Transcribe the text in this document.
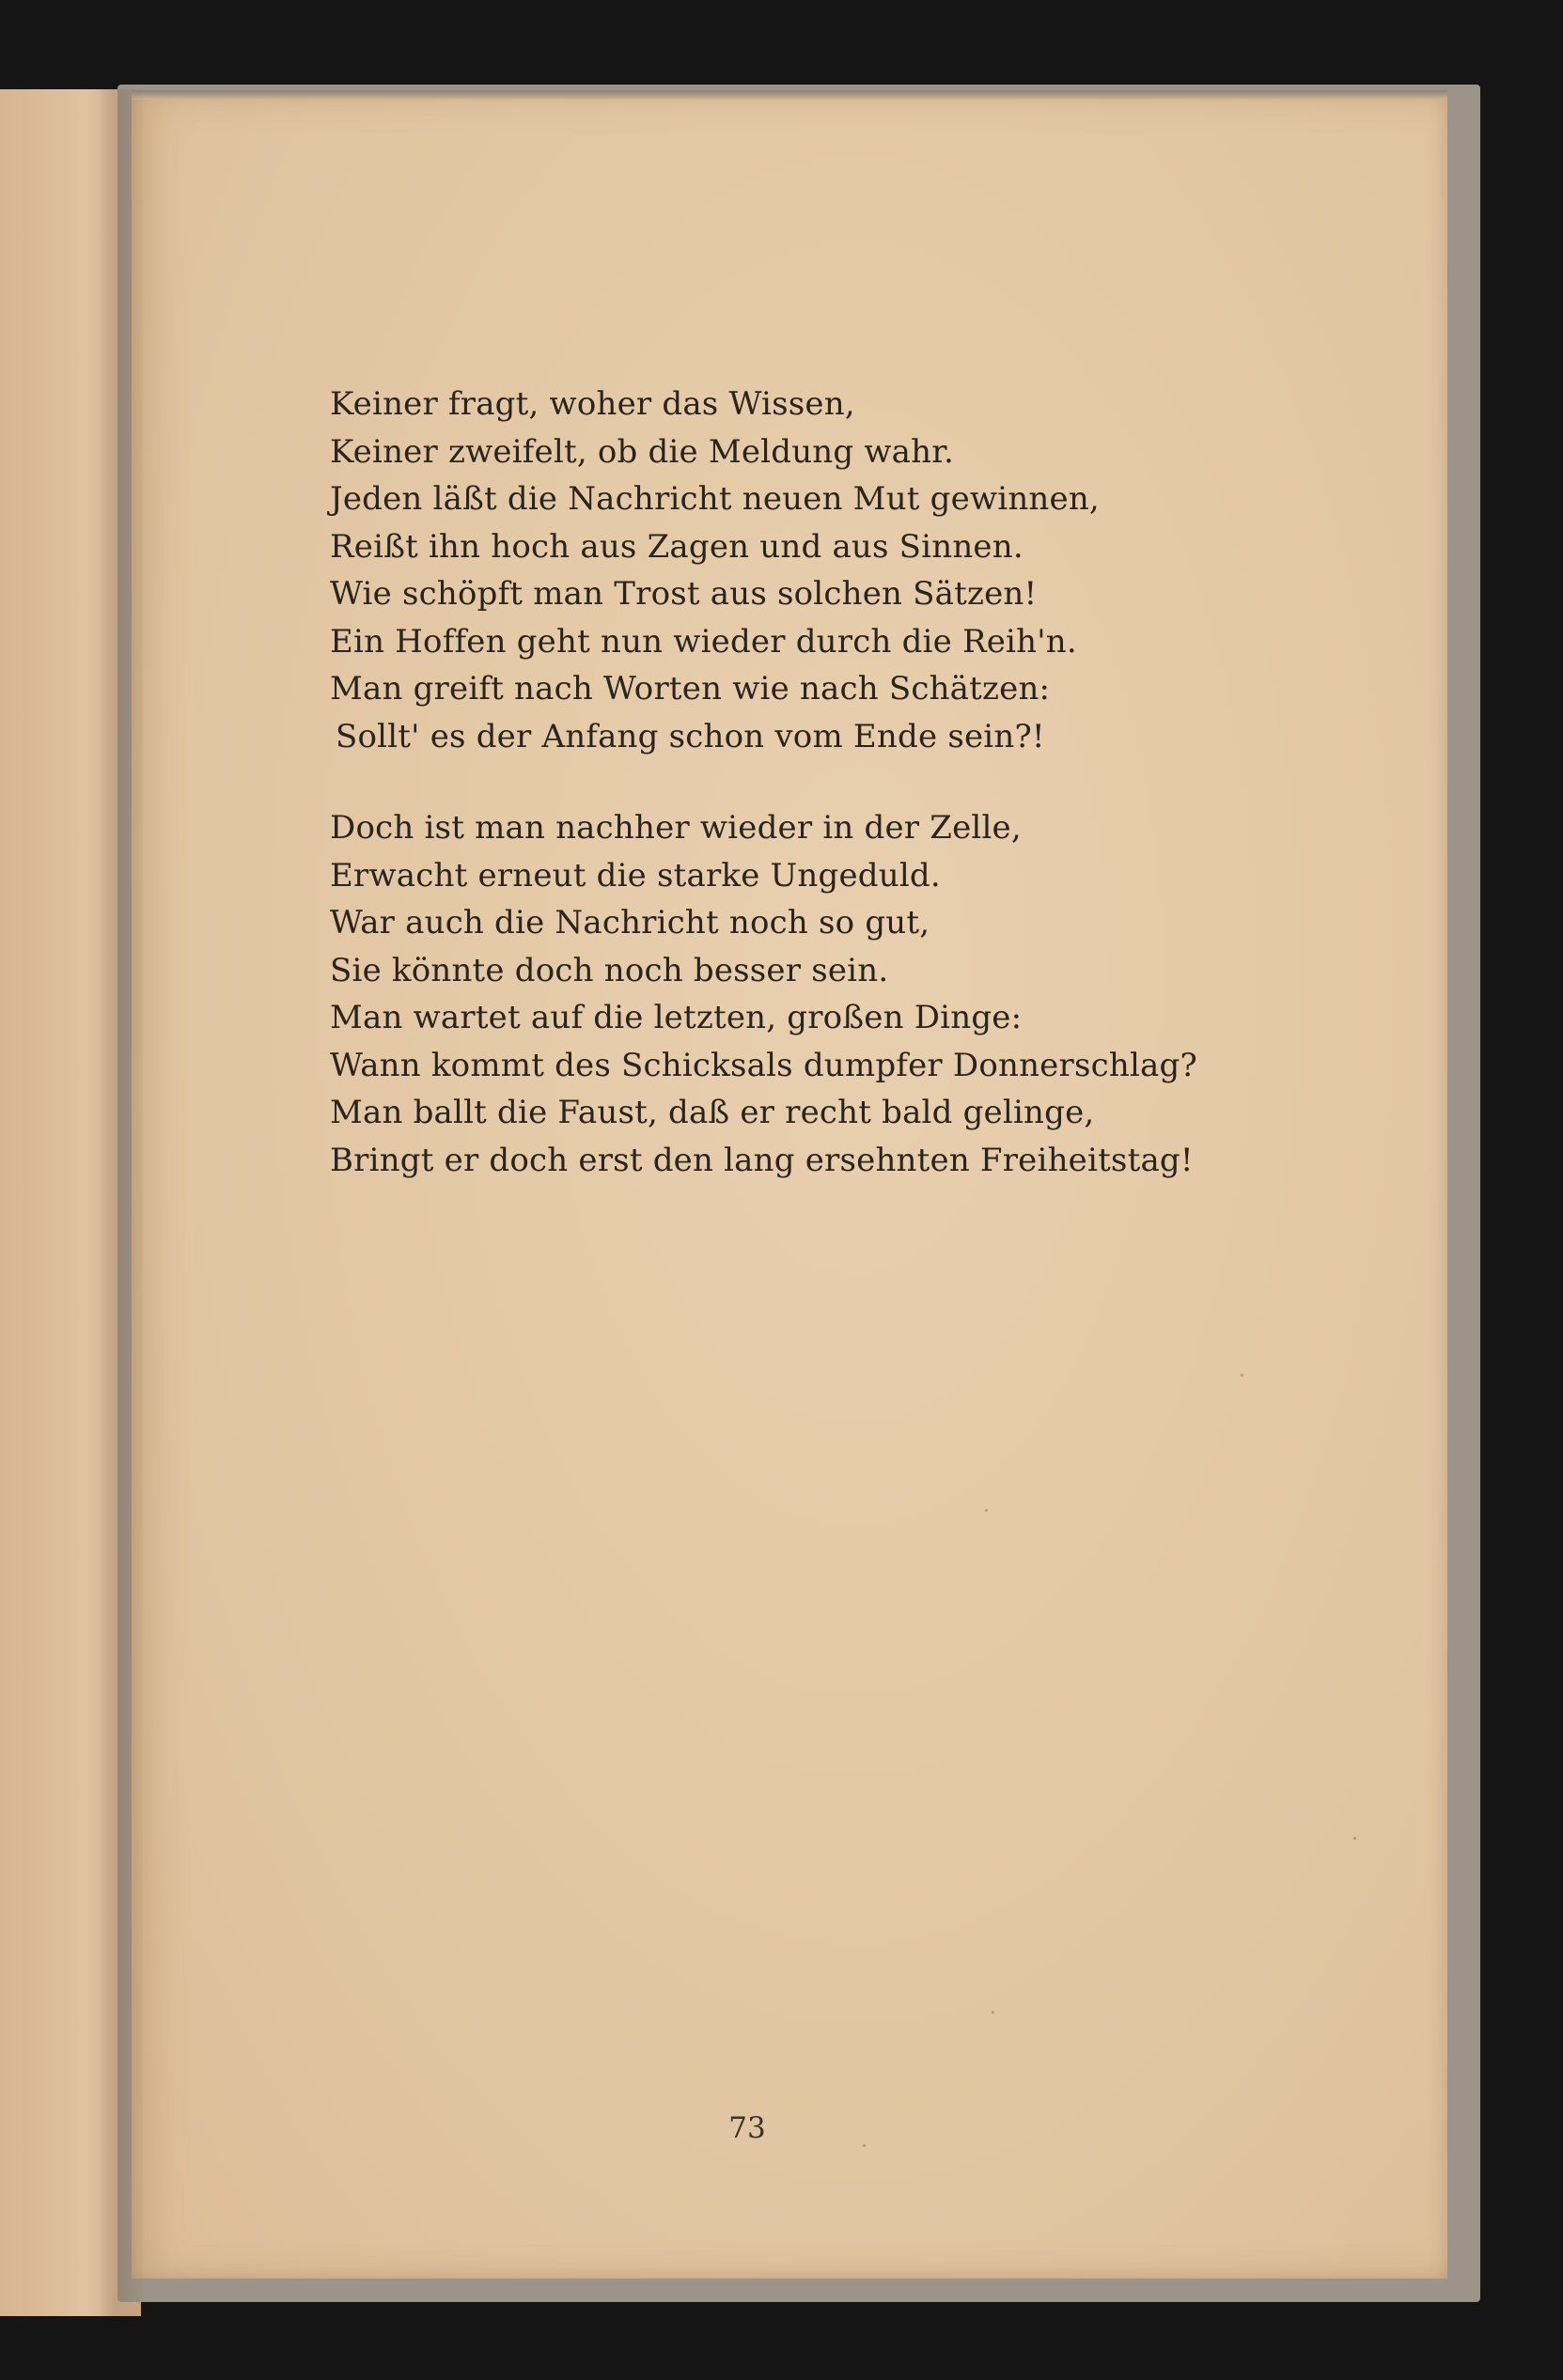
Keiner fragt, woher das Wissen,
Keiner zweifelt, ob die Meldung wahr.
Jeden läßt die Nachricht neuen Mut gewinnen,
Reißt ihn hoch aus Zagen und aus Sinnen.
Wie schöpft man Trost aus solchen Sätzen!
Ein Hoffen geht nun wieder durch die Reih'n.
Man greift nach Worten wie nach Schätzen:
Sollt' es der Anfang schon vom Ende sein?!
Doch ist man nachher wieder in der Zelle,
Erwacht erneut die starke Ungeduld.
War auch die Nachricht noch so gut,
Sie könnte doch noch besser sein.
Man wartet auf die letzten, großen Dinge:
Wann kommt des Schicksals dumpfer Donnerschlag?
Man ballt die Faust, daß er recht bald gelinge,
Bringt er doch erst den lang ersehnten Freiheitstag!
73
